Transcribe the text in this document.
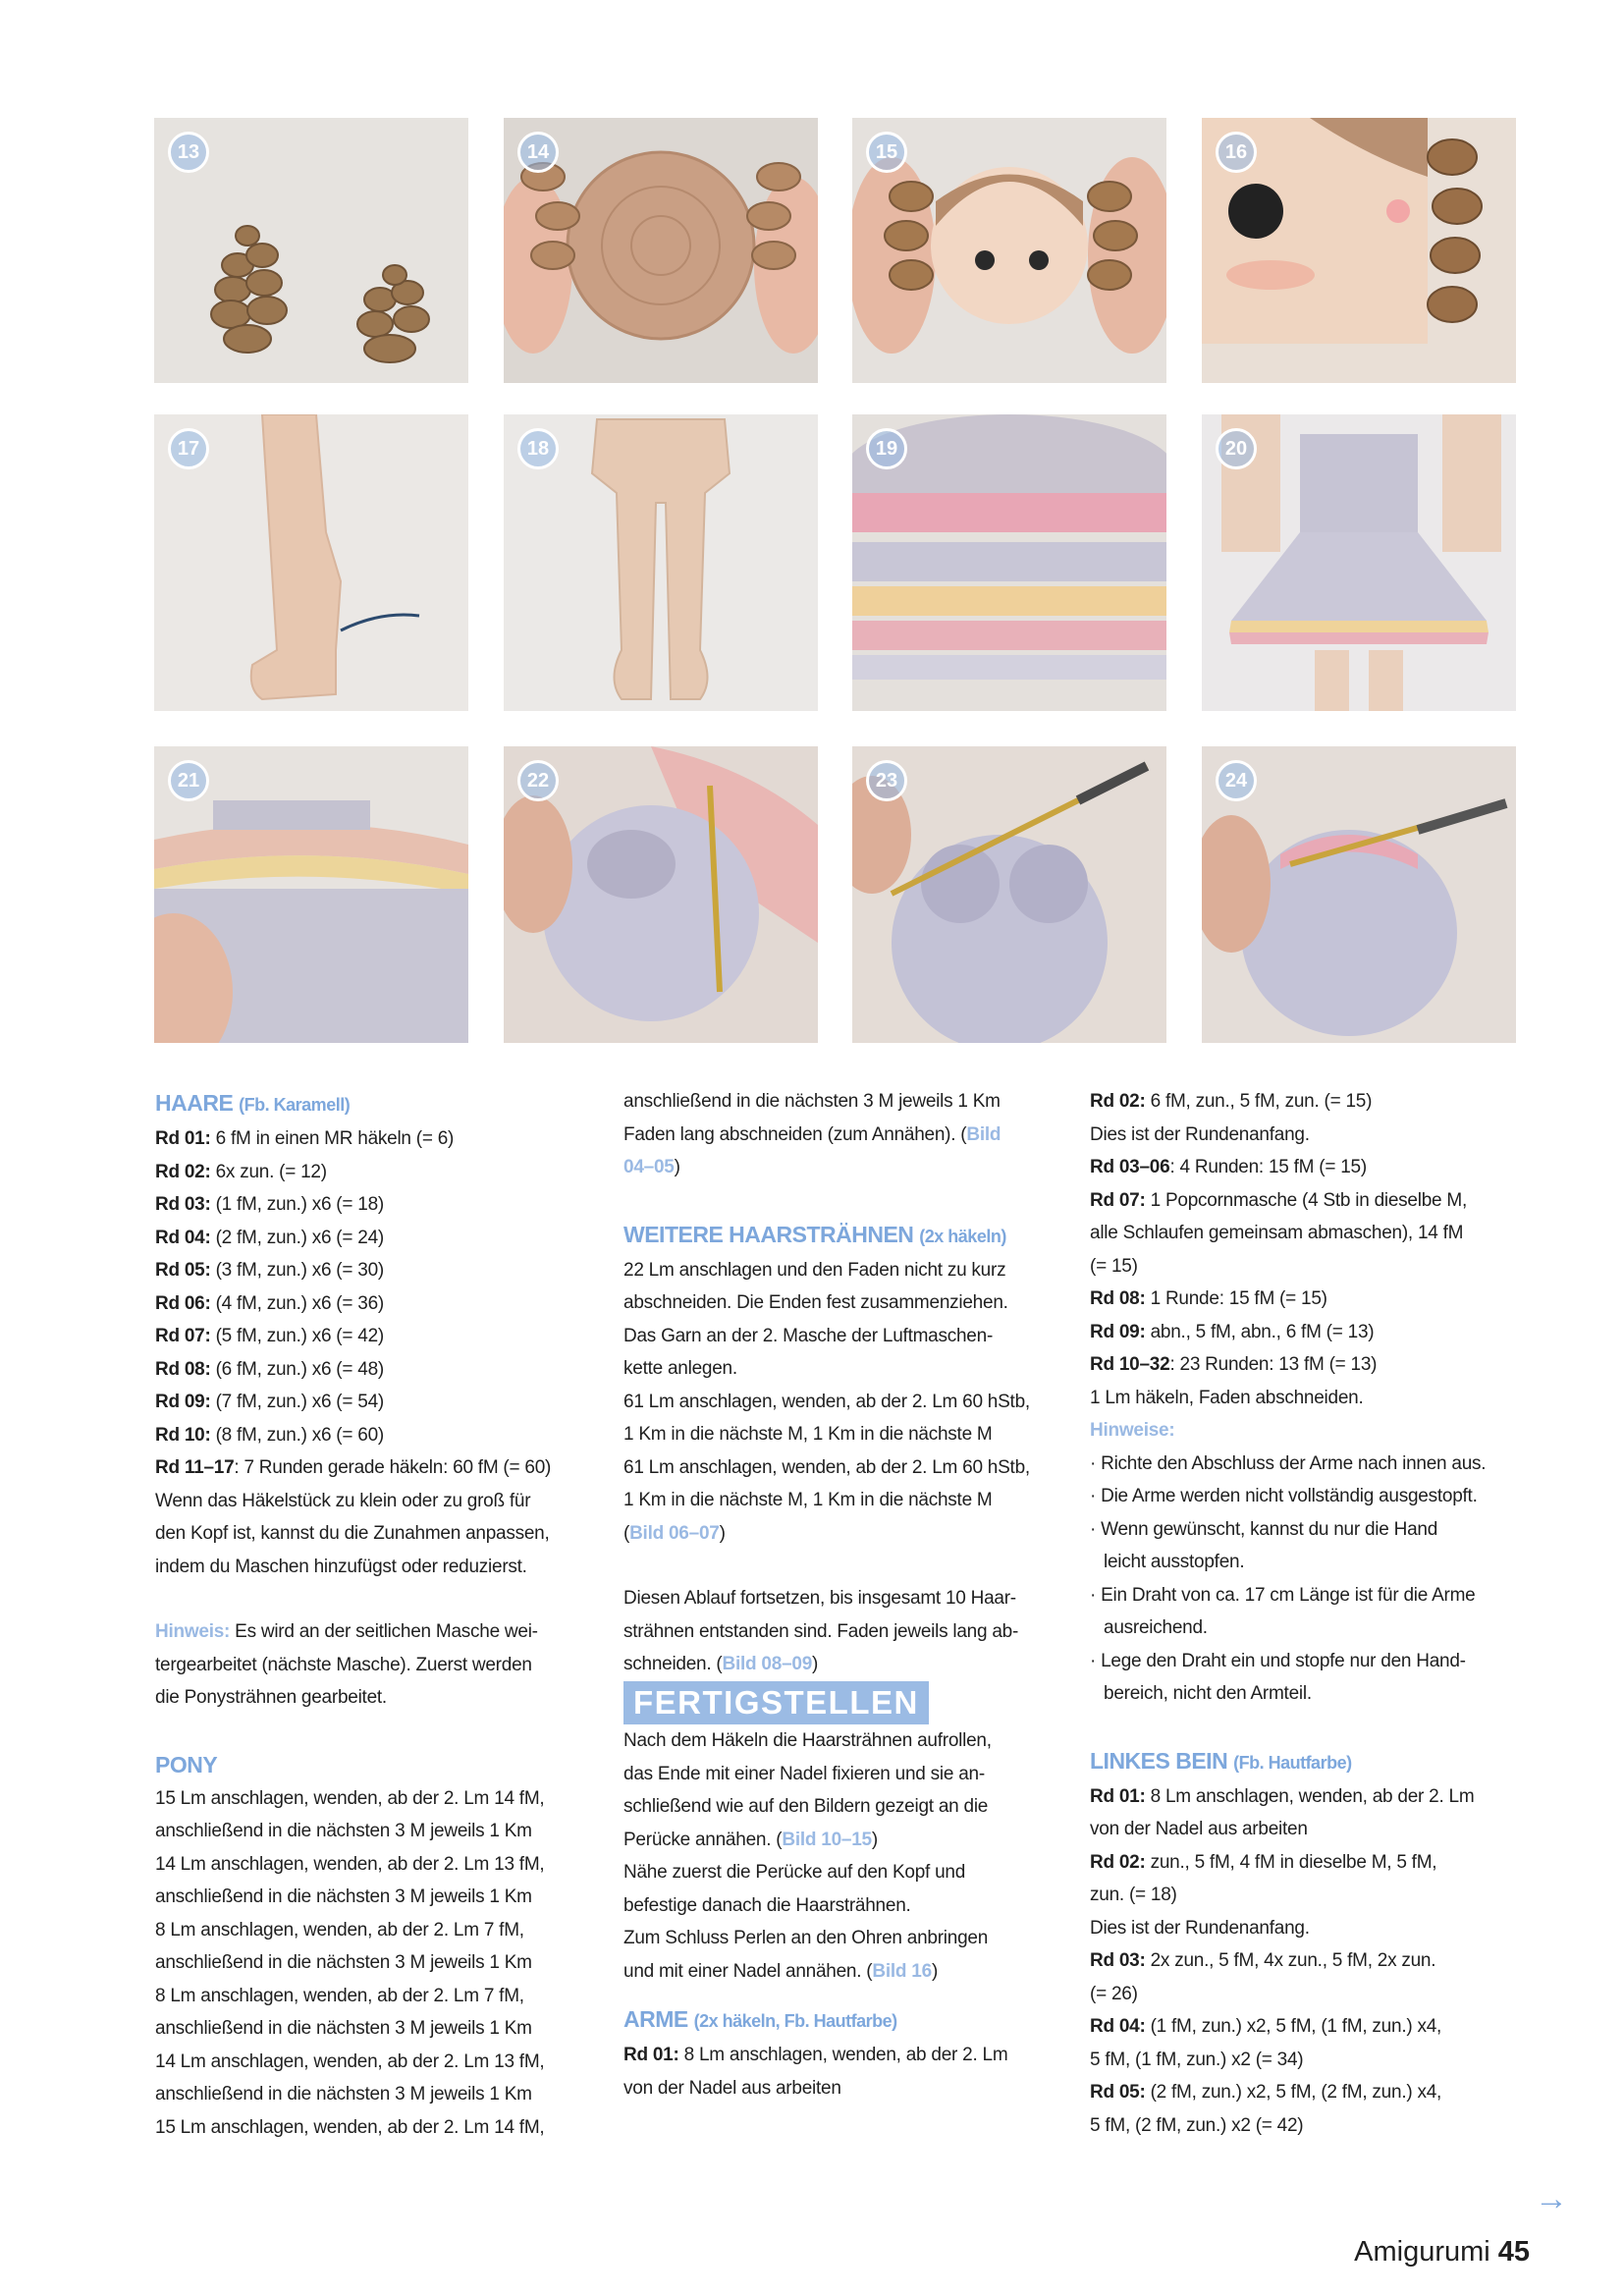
13	14	15	16
17	18	19	20
21	22	23	24
HAARE (Fb. Karamell)

Rd 01: 6 fM in einen MR häkeln (= 6)

Rd 02: 6x zun. (= 12)

Rd 03: (1 fM, zun.) x6 (= 18)

Rd 04: (2 fM, zun.) x6 (= 24)

Rd 05: (3 fM, zun.) x6 (= 30)

Rd 06: (4 fM, zun.) x6 (= 36)

Rd 07: (5 fM, zun.) x6 (= 42)

Rd 08: (6 fM, zun.) x6 (= 48)

Rd 09: (7 fM, zun.) x6 (= 54)

Rd 10: (8 fM, zun.) x6 (= 60)

Rd 11–17: 7 Runden gerade häkeln: 60 fM (= 60)

Wenn das Häkelstück zu klein oder zu groß für

den Kopf ist, kannst du die Zunahmen anpassen,

indem du Maschen hinzufügst oder reduzierst.

Hinweis: Es wird an der seitlichen Masche wei-

tergearbeitet (nächste Masche). Zuerst werden

die Ponysträhnen gearbeitet.

PONY

15 Lm anschlagen, wenden, ab der 2. Lm 14 fM,

anschließend in die nächsten 3 M jeweils 1 Km

14 Lm anschlagen, wenden, ab der 2. Lm 13 fM,

anschließend in die nächsten 3 M jeweils 1 Km

8 Lm anschlagen, wenden, ab der 2. Lm 7 fM,

anschließend in die nächsten 3 M jeweils 1 Km

8 Lm anschlagen, wenden, ab der 2. Lm 7 fM,

anschließend in die nächsten 3 M jeweils 1 Km

14 Lm anschlagen, wenden, ab der 2. Lm 13 fM,

anschließend in die nächsten 3 M jeweils 1 Km

15 Lm anschlagen, wenden, ab der 2. Lm 14 fM,

anschließend in die nächsten 3 M jeweils 1 Km

Faden lang abschneiden (zum Annähen). (Bild

04–05)

WEITERE HAARSTRÄHNEN (2x häkeln)

22 Lm anschlagen und den Faden nicht zu kurz

abschneiden. Die Enden fest zusammenziehen.

Das Garn an der 2. Masche der Luftmaschen-

kette anlegen.

61 Lm anschlagen, wenden, ab der 2. Lm 60 hStb,

1 Km in die nächste M, 1 Km in die nächste M

61 Lm anschlagen, wenden, ab der 2. Lm 60 hStb,

1 Km in die nächste M, 1 Km in die nächste M

(Bild 06–07)

Diesen Ablauf fortsetzen, bis insgesamt 10 Haar-

strähnen entstanden sind. Faden jeweils lang ab-

schneiden. (Bild 08–09)

FERTIGSTELLEN

Nach dem Häkeln die Haarsträhnen aufrollen,

das Ende mit einer Nadel fixieren und sie an-

schließend wie auf den Bildern gezeigt an die

Perücke annähen. (Bild 10–15)

Nähe zuerst die Perücke auf den Kopf und

befestige danach die Haarsträhnen.

Zum Schluss Perlen an den Ohren anbringen

und mit einer Nadel annähen. (Bild 16)

ARME (2x häkeln, Fb. Hautfarbe)

Rd 01: 8 Lm anschlagen, wenden, ab der 2. Lm

von der Nadel aus arbeiten

Rd 02: 6 fM, zun., 5 fM, zun. (= 15)

Dies ist der Rundenanfang.

Rd 03–06: 4 Runden: 15 fM (= 15)

Rd 07: 1 Popcornmasche (4 Stb in dieselbe M,

alle Schlaufen gemeinsam abmaschen), 14 fM

(= 15)

Rd 08: 1 Runde: 15 fM (= 15)

Rd 09: abn., 5 fM, abn., 6 fM (= 13)

Rd 10–32: 23 Runden: 13 fM (= 13)

1 Lm häkeln, Faden abschneiden.

Hinweise:

· Richte den Abschluss der Arme nach innen aus.

· Die Arme werden nicht vollständig ausgestopft.

· Wenn gewünscht, kannst du nur die Hand

leicht ausstopfen.

· Ein Draht von ca. 17 cm Länge ist für die Arme

ausreichend.

· Lege den Draht ein und stopfe nur den Hand-

bereich, nicht den Armteil.

LINKES BEIN (Fb. Hautfarbe)

Rd 01: 8 Lm anschlagen, wenden, ab der 2. Lm

von der Nadel aus arbeiten

Rd 02: zun., 5 fM, 4 fM in dieselbe M, 5 fM,

zun. (= 18)

Dies ist der Rundenanfang.

Rd 03: 2x zun., 5 fM, 4x zun., 5 fM, 2x zun.

(= 26)

Rd 04: (1 fM, zun.) x2, 5 fM, (1 fM, zun.) x4,

5 fM, (1 fM, zun.) x2 (= 34)

Rd 05: (2 fM, zun.) x2, 5 fM, (2 fM, zun.) x4,

5 fM, (2 fM, zun.) x2 (= 42)

→
Amigurumi 45
